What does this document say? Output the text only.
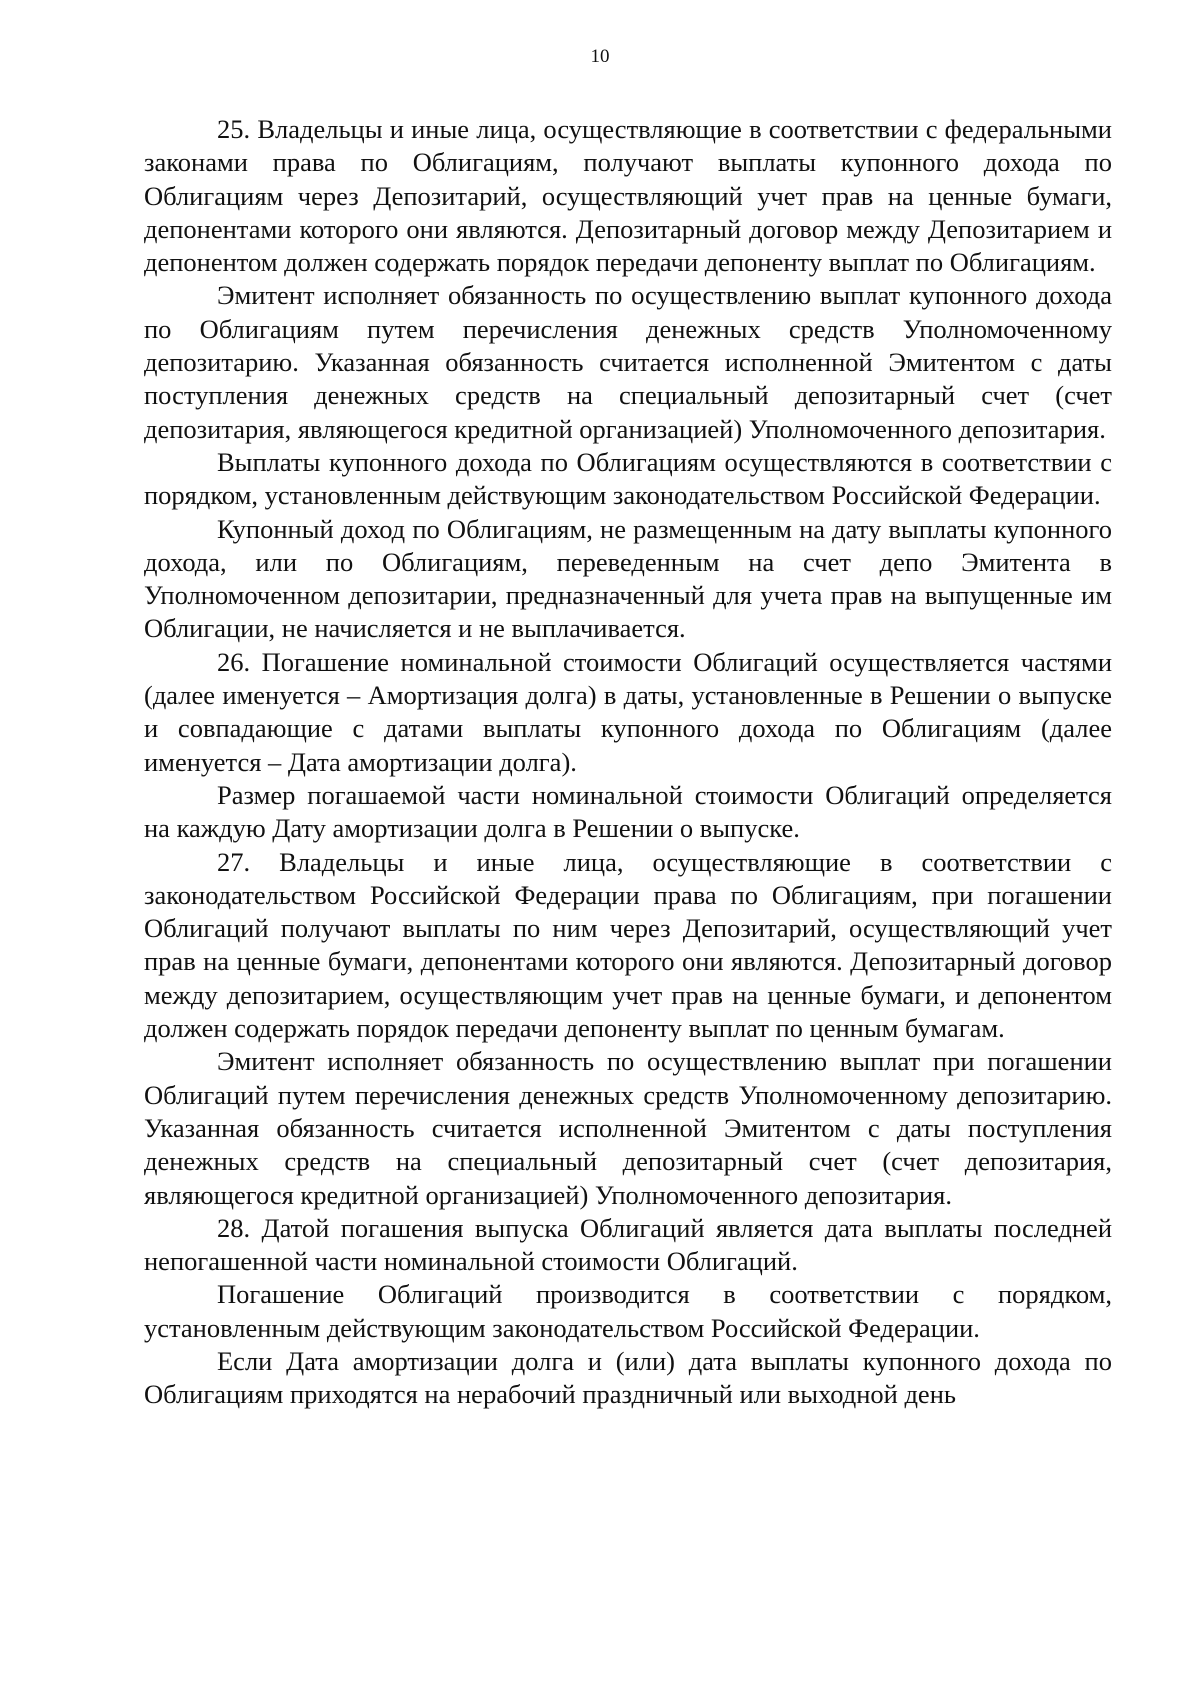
10

25. Владельцы и иные лица, осуществляющие в соответствии с федеральными законами права по Облигациям, получают выплаты купонного дохода по Облигациям через Депозитарий, осуществляющий учет прав на ценные бумаги, депонентами которого они являются. Депозитарный договор между Депозитарием и депонентом должен содержать порядок передачи депоненту выплат по Облигациям.

Эмитент исполняет обязанность по осуществлению выплат купонного дохода по Облигациям путем перечисления денежных средств Уполномоченному депозитарию. Указанная обязанность считается исполненной Эмитентом с даты поступления денежных средств на специальный депозитарный счет (счет депозитария, являющегося кредитной организацией) Уполномоченного депозитария.

Выплаты купонного дохода по Облигациям осуществляются в соответствии с порядком, установленным действующим законодательством Российской Федерации.

Купонный доход по Облигациям, не размещенным на дату выплаты купонного дохода, или по Облигациям, переведенным на счет депо Эмитента в Уполномоченном депозитарии, предназначенный для учета прав на выпущенные им Облигации, не начисляется и не выплачивается.

26. Погашение номинальной стоимости Облигаций осуществляется частями (далее именуется – Амортизация долга) в даты, установленные в Решении о выпуске и совпадающие с датами выплаты купонного дохода по Облигациям (далее именуется – Дата амортизации долга).

Размер погашаемой части номинальной стоимости Облигаций определяется на каждую Дату амортизации долга в Решении о выпуске.

27. Владельцы и иные лица, осуществляющие в соответствии с законодательством Российской Федерации права по Облигациям, при погашении Облигаций получают выплаты по ним через Депозитарий, осуществляющий учет прав на ценные бумаги, депонентами которого они являются. Депозитарный договор между депозитарием, осуществляющим учет прав на ценные бумаги, и депонентом должен содержать порядок передачи депоненту выплат по ценным бумагам.

Эмитент исполняет обязанность по осуществлению выплат при погашении Облигаций путем перечисления денежных средств Уполномоченному депозитарию. Указанная обязанность считается исполненной Эмитентом с даты поступления денежных средств на специальный депозитарный счет (счет депозитария, являющегося кредитной организацией) Уполномоченного депозитария.

28. Датой погашения выпуска Облигаций является дата выплаты последней непогашенной части номинальной стоимости Облигаций.

Погашение Облигаций производится в соответствии с порядком, установленным действующим законодательством Российской Федерации.

Если Дата амортизации долга и (или) дата выплаты купонного дохода по Облигациям приходятся на нерабочий праздничный или выходной день
